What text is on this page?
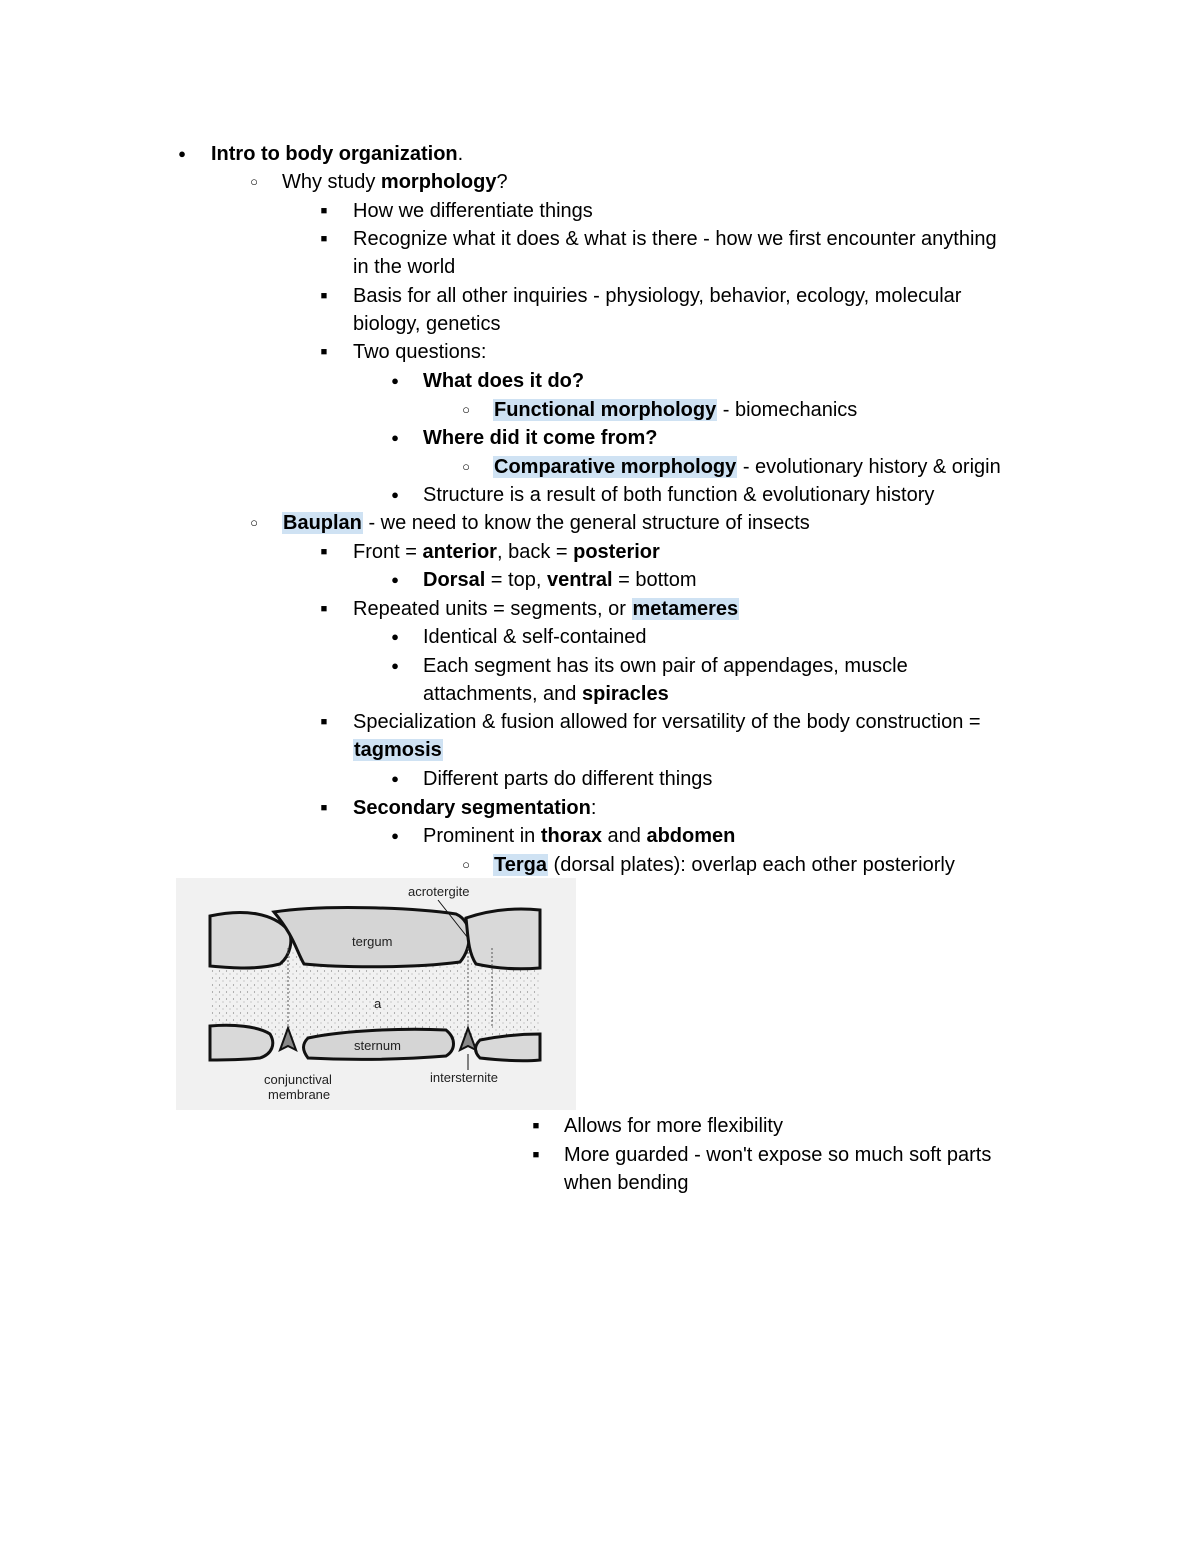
●	Intro to body organization.
○	Why study morphology?
■	How we differentiate things
■	Recognize what it does & what is there - how we first encounter anything
in the world
■	Basis for all other inquiries - physiology, behavior, ecology, molecular
biology, genetics
■	Two questions:
●	What does it do?
○	Functional morphology - biomechanics
●	Where did it come from?
○	Comparative morphology - evolutionary history & origin
●	Structure is a result of both function & evolutionary history
○	Bauplan - we need to know the general structure of insects
■	Front = anterior, back = posterior
●	Dorsal = top, ventral = bottom
■	Repeated units = segments, or metameres
●	Identical & self-contained
●	Each segment has its own pair of appendages, muscle
attachments, and spiracles
■	Specialization & fusion allowed for versatility of the body construction =
tagmosis
●	Different parts do different things
■	Secondary segmentation:
●	Prominent in thorax and abdomen
○	Terga (dorsal plates): overlap each other posteriorly
acrotergite
tergum
a
sternum
conjunctival
membrane
intersternite
■	Allows for more flexibility
■	More guarded - won't expose so much soft parts
when bending
